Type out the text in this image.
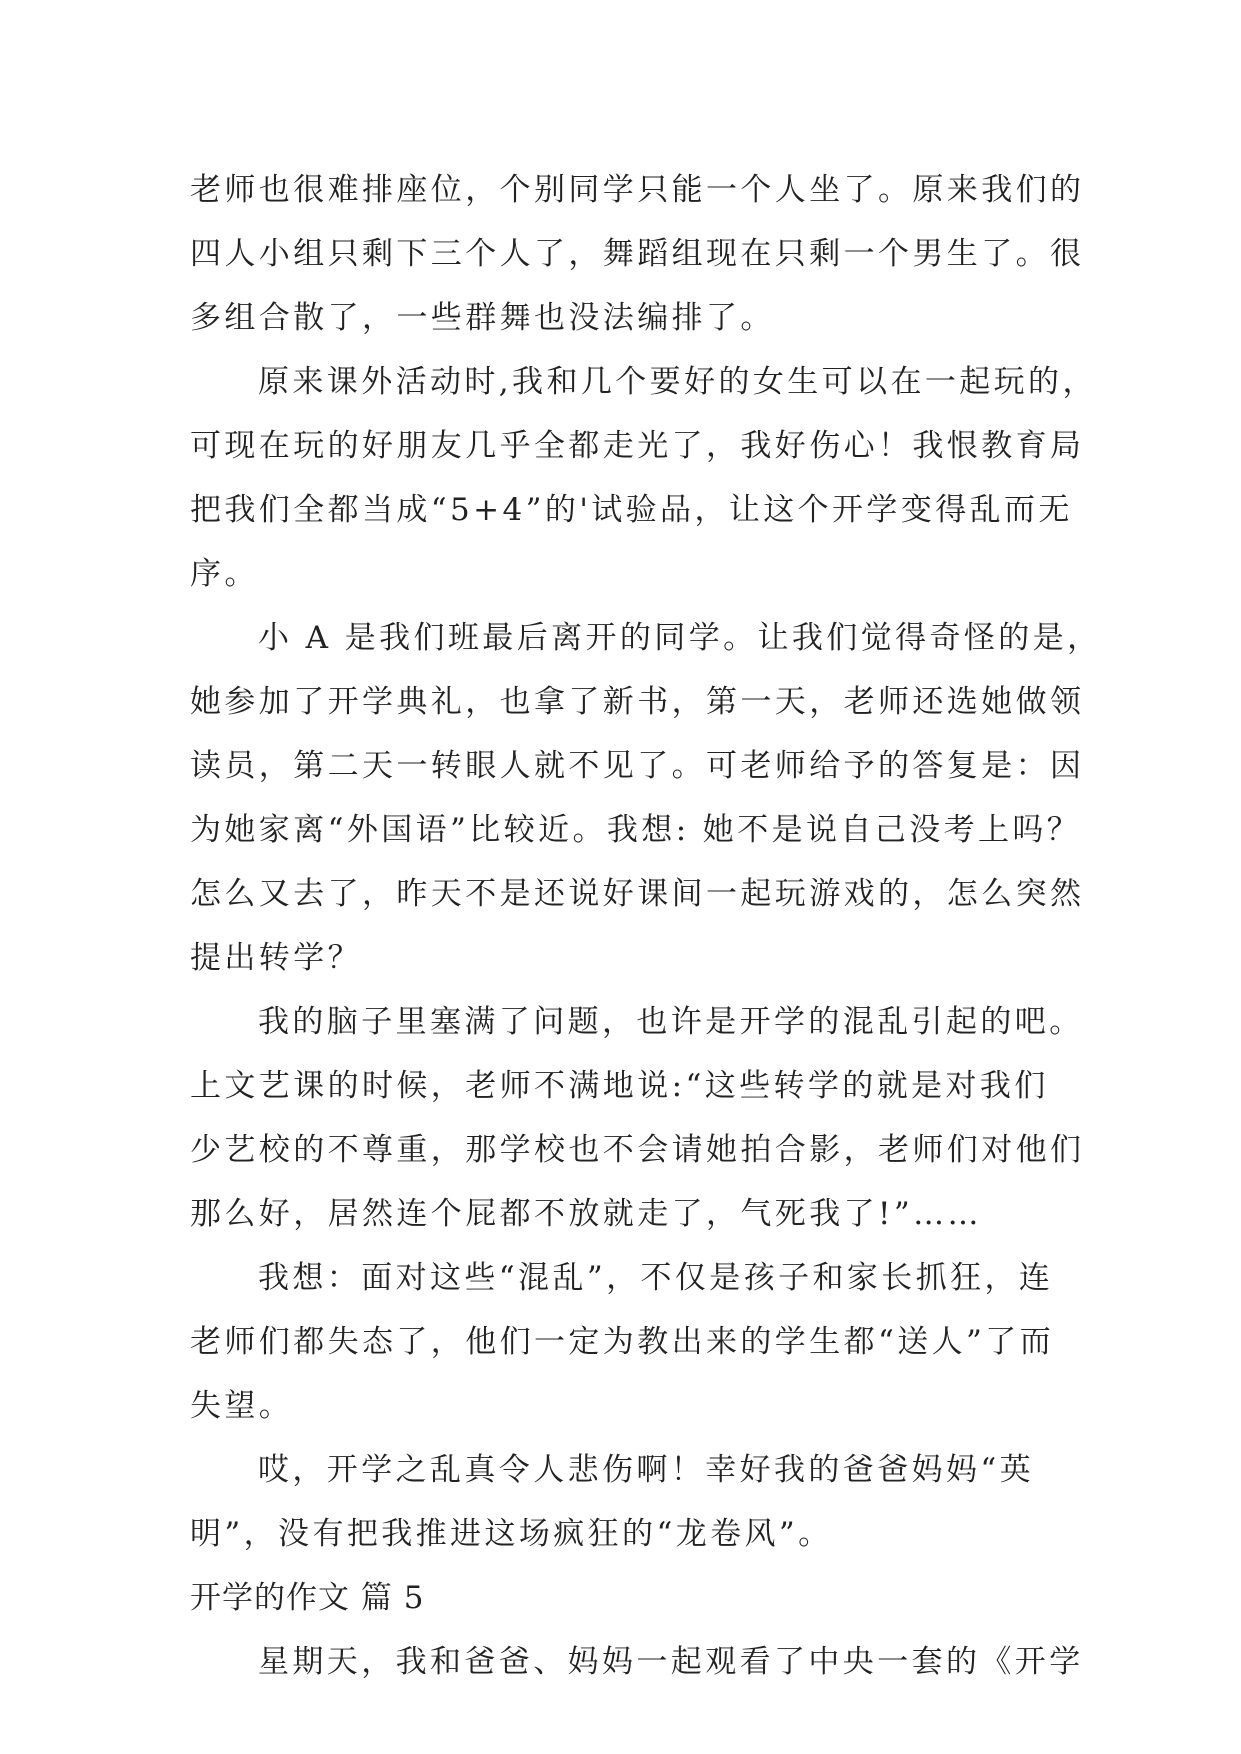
老师也很难排座位，个别同学只能一个人坐了。原来我们的
四人小组只剩下三个人了，舞蹈组现在只剩一个男生了。很
多组合散了，一些群舞也没法编排了。
原来课外活动时,我和几个要好的女生可以在一起玩的，
可现在玩的好朋友几乎全都走光了，我好伤心！我恨教育局
把我们全都当成“5+4”的'试验品，让这个开学变得乱而无
序。
小 A 是我们班最后离开的同学。让我们觉得奇怪的是，
她参加了开学典礼，也拿了新书，第一天，老师还选她做领
读员，第二天一转眼人就不见了。可老师给予的答复是：因
为她家离“外国语”比较近。我想: 她不是说自己没考上吗？
怎么又去了，昨天不是还说好课间一起玩游戏的，怎么突然
提出转学？
我的脑子里塞满了问题，也许是开学的混乱引起的吧。
上文艺课的时候，老师不满地说:“这些转学的就是对我们
少艺校的不尊重，那学校也不会请她拍合影，老师们对他们
那么好，居然连个屁都不放就走了，气死我了!”……
我想：面对这些“混乱”，不仅是孩子和家长抓狂，连
老师们都失态了，他们一定为教出来的学生都“送人”了而
失望。
哎，开学之乱真令人悲伤啊！幸好我的爸爸妈妈“英
明”，没有把我推进这场疯狂的“龙卷风”。
开学的作文 篇 5
星期天，我和爸爸、妈妈一起观看了中央一套的《开学
